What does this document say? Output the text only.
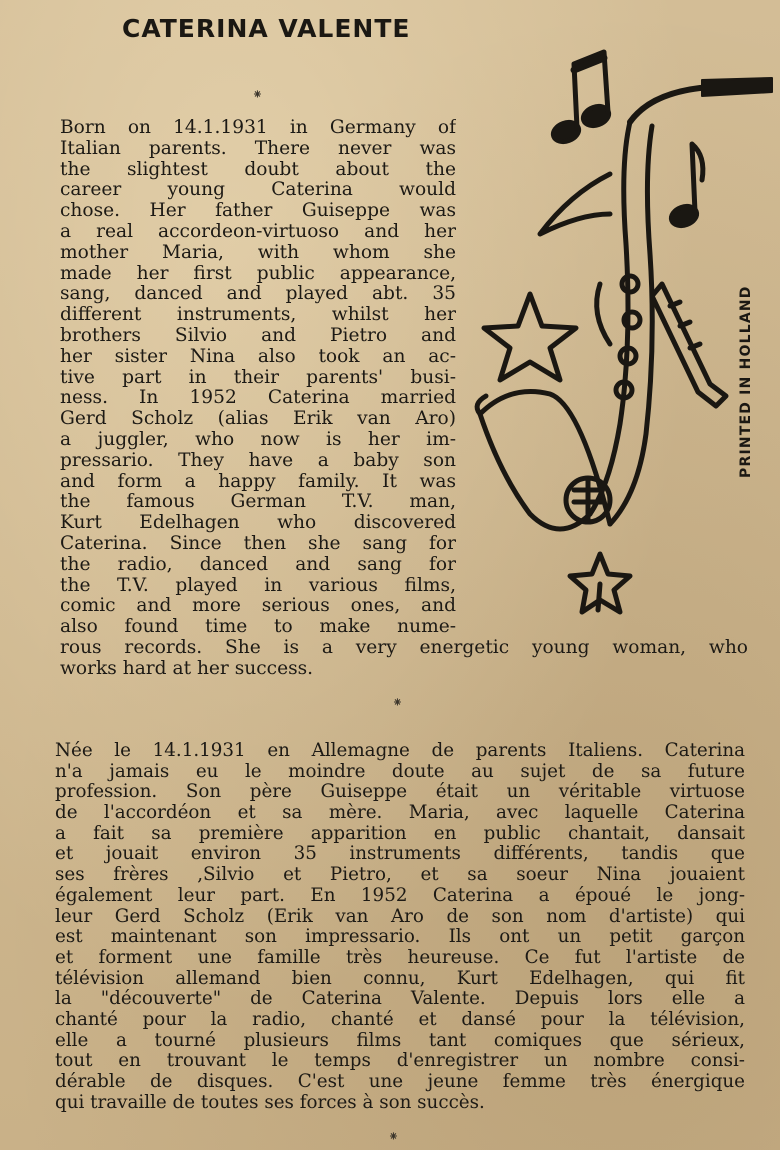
CATERINA VALENTE
⁕
Born on 14.1.1931 in Germany of
Italian parents. There never was
the slightest doubt about the
career young Caterina would
chose. Her father Guiseppe was
a real accordeon-virtuoso and her
mother Maria, with whom she
made her first public appearance,
sang, danced and played abt. 35
different instruments, whilst her
brothers Silvio and Pietro and
her sister Nina also took an ac-
tive part in their parents' busi-
ness. In 1952 Caterina married
Gerd Scholz (alias Erik van Aro)
a juggler, who now is her im-
pressario. They have a baby son
and form a happy family. It was
the famous German T.V. man,
Kurt Edelhagen who discovered
Caterina. Since then she sang for
the radio, danced and sang for
the T.V. played in various films,
comic and more serious ones, and
also found time to make nume-
rous records. She is a very energetic young woman, who
works hard at her success.
⁕
Née le 14.1.1931 en Allemagne de parents Italiens. Caterina
n'a jamais eu le moindre doute au sujet de sa future
profession. Son père Guiseppe était un véritable virtuose
de l'accordéon et sa mère. Maria, avec laquelle Caterina
a fait sa première apparition en public chantait, dansait
et jouait environ 35 instruments différents, tandis que
ses frères ,Silvio et Pietro, et sa soeur Nina jouaient
également leur part. En 1952 Caterina a époué le jong-
leur Gerd Scholz (Erik van Aro de son nom d'artiste) qui
est maintenant son impressario. Ils ont un petit garçon
et forment une famille très heureuse. Ce fut l'artiste de
télévision allemand bien connu, Kurt Edelhagen, qui fit
la "découverte" de Caterina Valente. Depuis lors elle a
chanté pour la radio, chanté et dansé pour la télévision,
elle a tourné plusieurs films tant comiques que sérieux,
tout en trouvant le temps d'enregistrer un nombre consi-
dérable de disques. C'est une jeune femme très énergique
qui travaille de toutes ses forces à son succès.
⁕
PRINTED IN HOLLAND
